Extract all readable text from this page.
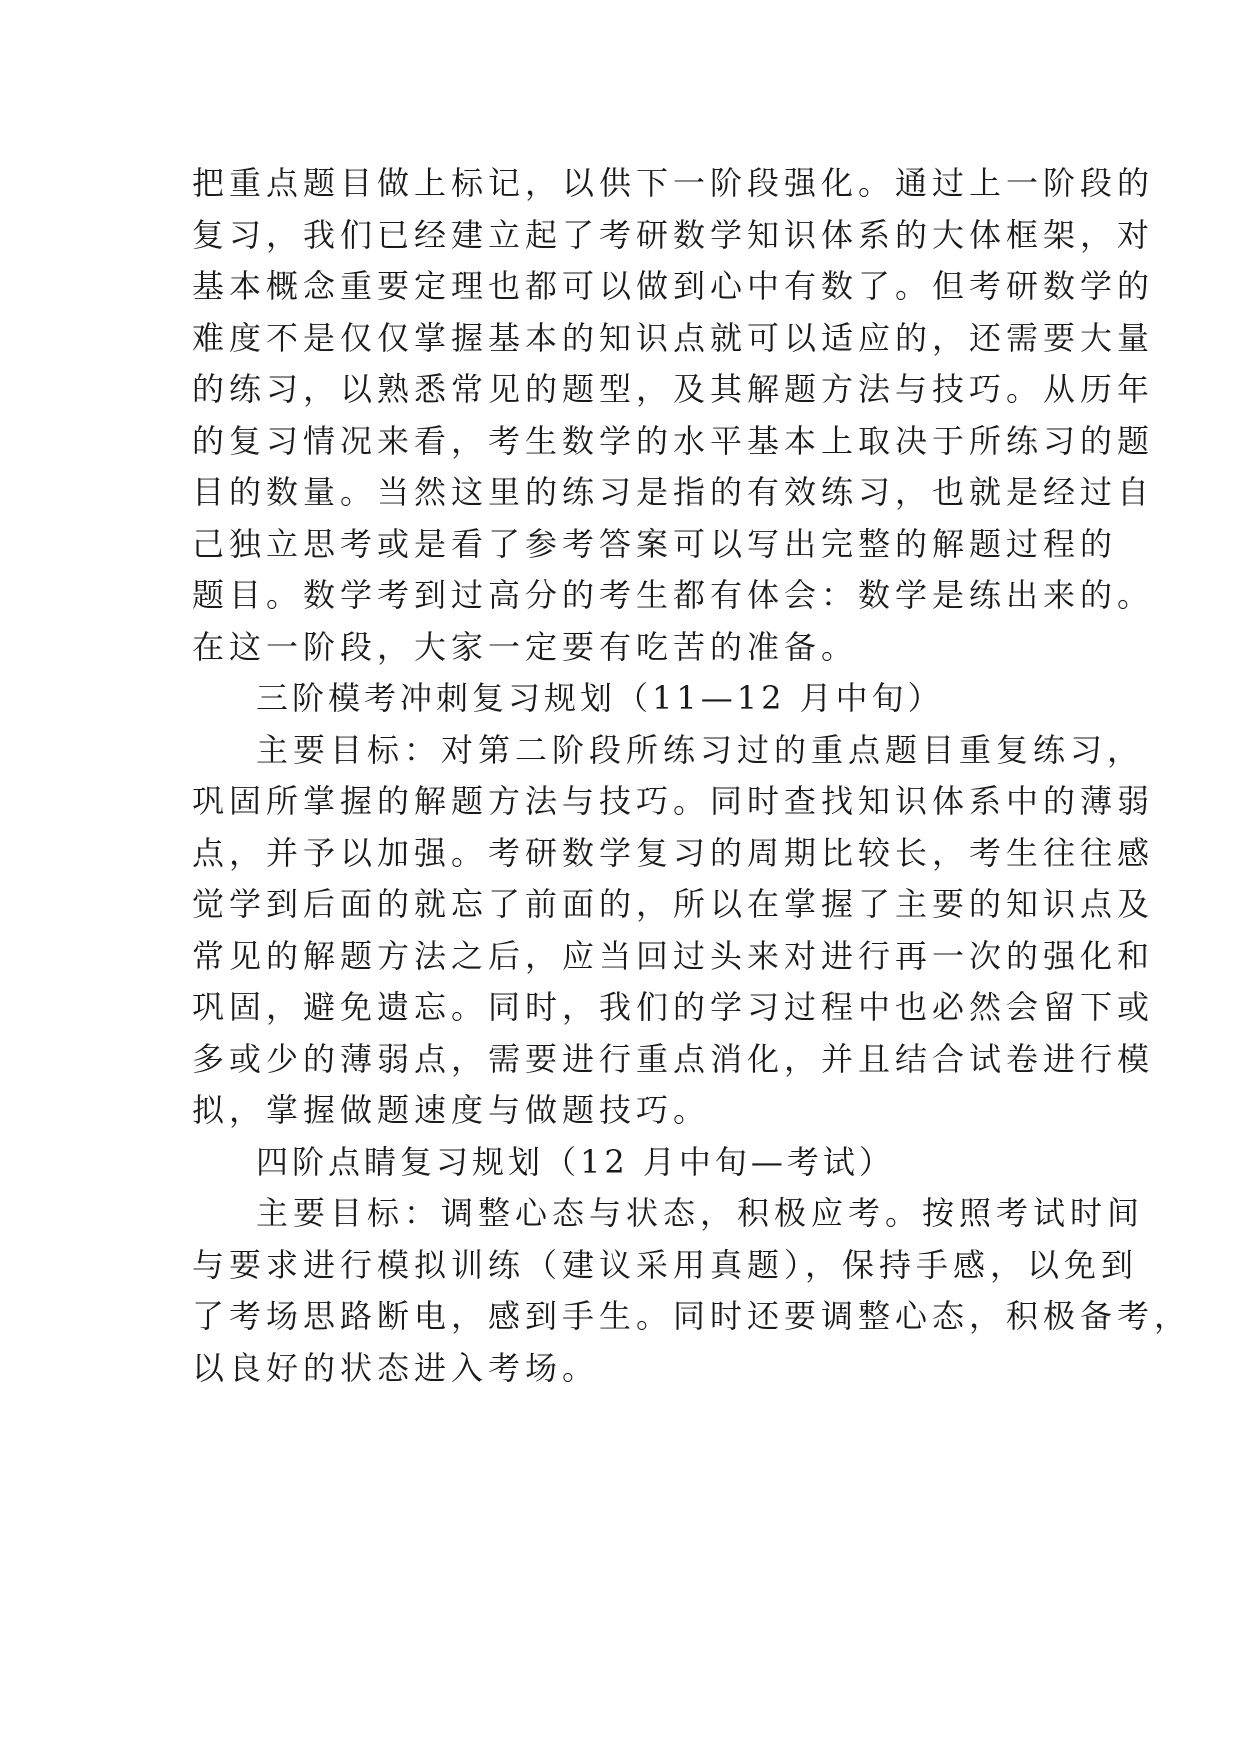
把重点题目做上标记，以供下一阶段强化。通过上一阶段的
复习，我们已经建立起了考研数学知识体系的大体框架，对
基本概念重要定理也都可以做到心中有数了。但考研数学的
难度不是仅仅掌握基本的知识点就可以适应的，还需要大量
的练习，以熟悉常见的题型，及其解题方法与技巧。从历年
的复习情况来看，考生数学的水平基本上取决于所练习的题
目的数量。当然这里的练习是指的有效练习，也就是经过自
己独立思考或是看了参考答案可以写出完整的解题过程的
题目。数学考到过高分的考生都有体会：数学是练出来的。
在这一阶段，大家一定要有吃苦的准备。
三阶模考冲刺复习规划（11—12 月中旬）
主要目标：对第二阶段所练习过的重点题目重复练习，
巩固所掌握的解题方法与技巧。同时查找知识体系中的薄弱
点，并予以加强。考研数学复习的周期比较长，考生往往感
觉学到后面的就忘了前面的，所以在掌握了主要的知识点及
常见的解题方法之后，应当回过头来对进行再一次的强化和
巩固，避免遗忘。同时，我们的学习过程中也必然会留下或
多或少的薄弱点，需要进行重点消化，并且结合试卷进行模
拟，掌握做题速度与做题技巧。
四阶点睛复习规划（12 月中旬—考试）
主要目标：调整心态与状态，积极应考。按照考试时间
与要求进行模拟训练（建议采用真题），保持手感，以免到
了考场思路断电，感到手生。同时还要调整心态，积极备考，
以良好的状态进入考场。
